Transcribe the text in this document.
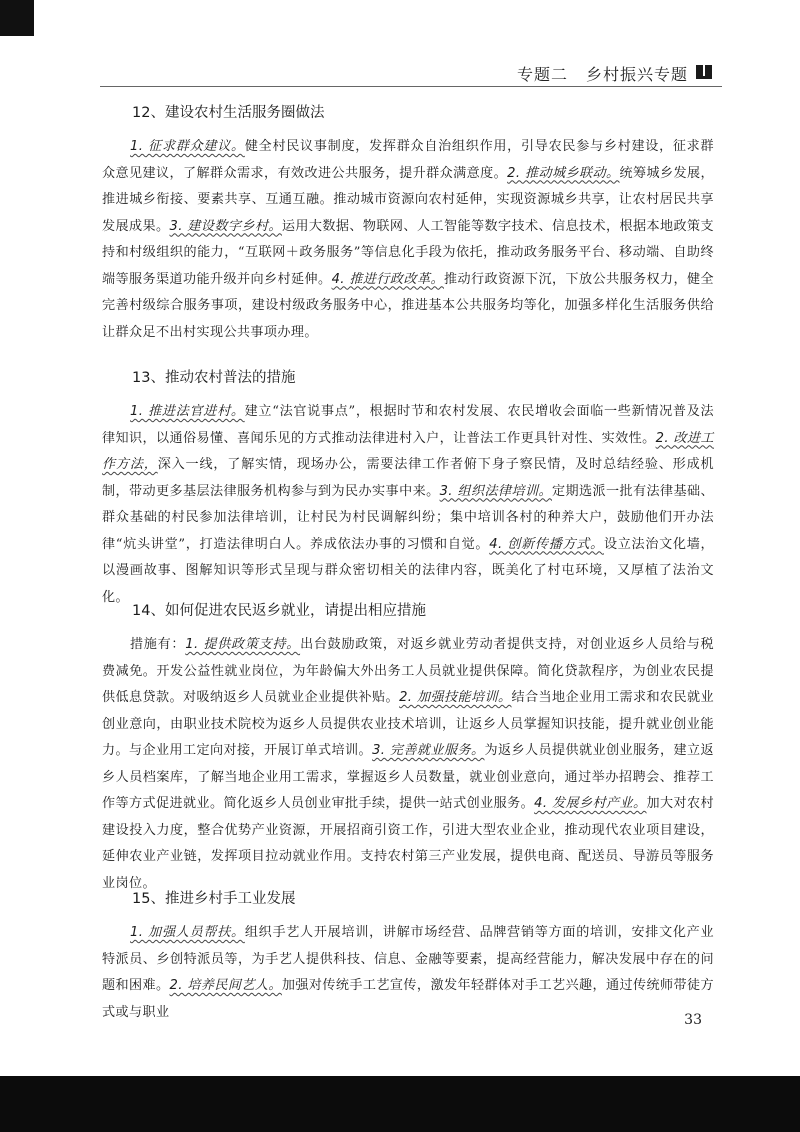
专题二 乡村振兴专题
12、建设农村生活服务圈做法

1. 征求群众建议。健全村民议事制度，发挥群众自治组织作用，引导农民参与乡村建设，征求群众意见建议，了解群众需求，有效改进公共服务，提升群众满意度。2. 推动城乡联动。统筹城乡发展，推进城乡衔接、要素共享、互通互融。推动城市资源向农村延伸，实现资源城乡共享，让农村居民共享发展成果。3. 建设数字乡村。运用大数据、物联网、人工智能等数字技术、信息技术，根据本地政策支持和村级组织的能力，“互联网＋政务服务”等信息化手段为依托，推动政务服务平台、移动端、自助终端等服务渠道功能升级并向乡村延伸。4. 推进行政改革。推动行政资源下沉，下放公共服务权力，健全完善村级综合服务事项，建设村级政务服务中心，推进基本公共服务均等化，加强多样化生活服务供给让群众足不出村实现公共事项办理。

13、推动农村普法的措施

1. 推进法官进村。建立“法官说事点”，根据时节和农村发展、农民增收会面临一些新情况普及法律知识，以通俗易懂、喜闻乐见的方式推动法律进村入户，让普法工作更具针对性、实效性。2. 改进工作方法，深入一线，了解实情，现场办公，需要法律工作者俯下身子察民情，及时总结经验、形成机制，带动更多基层法律服务机构参与到为民办实事中来。3. 组织法律培训。定期选派一批有法律基础、群众基础的村民参加法律培训，让村民为村民调解纠纷；集中培训各村的种养大户，鼓励他们开办法律“炕头讲堂”，打造法律明白人。养成依法办事的习惯和自觉。4. 创新传播方式。设立法治文化墙，以漫画故事、图解知识等形式呈现与群众密切相关的法律内容，既美化了村屯环境，又厚植了法治文化。

14、如何促进农民返乡就业，请提出相应措施

措施有：1. 提供政策支持。出台鼓励政策，对返乡就业劳动者提供支持，对创业返乡人员给与税费减免。开发公益性就业岗位，为年龄偏大外出务工人员就业提供保障。简化贷款程序，为创业农民提供低息贷款。对吸纳返乡人员就业企业提供补贴。2. 加强技能培训。结合当地企业用工需求和农民就业创业意向，由职业技术院校为返乡人员提供农业技术培训，让返乡人员掌握知识技能，提升就业创业能力。与企业用工定向对接，开展订单式培训。3. 完善就业服务。为返乡人员提供就业创业服务，建立返乡人员档案库，了解当地企业用工需求，掌握返乡人员数量，就业创业意向，通过举办招聘会、推荐工作等方式促进就业。简化返乡人员创业审批手续，提供一站式创业服务。4. 发展乡村产业。加大对农村建设投入力度，整合优势产业资源，开展招商引资工作，引进大型农业企业，推动现代农业项目建设，延伸农业产业链，发挥项目拉动就业作用。支持农村第三产业发展，提供电商、配送员、导游员等服务业岗位。

15、推进乡村手工业发展

1. 加强人员帮扶。组织手艺人开展培训，讲解市场经营、品牌营销等方面的培训，安排文化产业特派员、乡创特派员等，为手艺人提供科技、信息、金融等要素，提高经营能力，解决发展中存在的问题和困难。2. 培养民间艺人。加强对传统手工艺宣传，激发年轻群体对手工艺兴趣，通过传统师带徒方式或与职业	33
